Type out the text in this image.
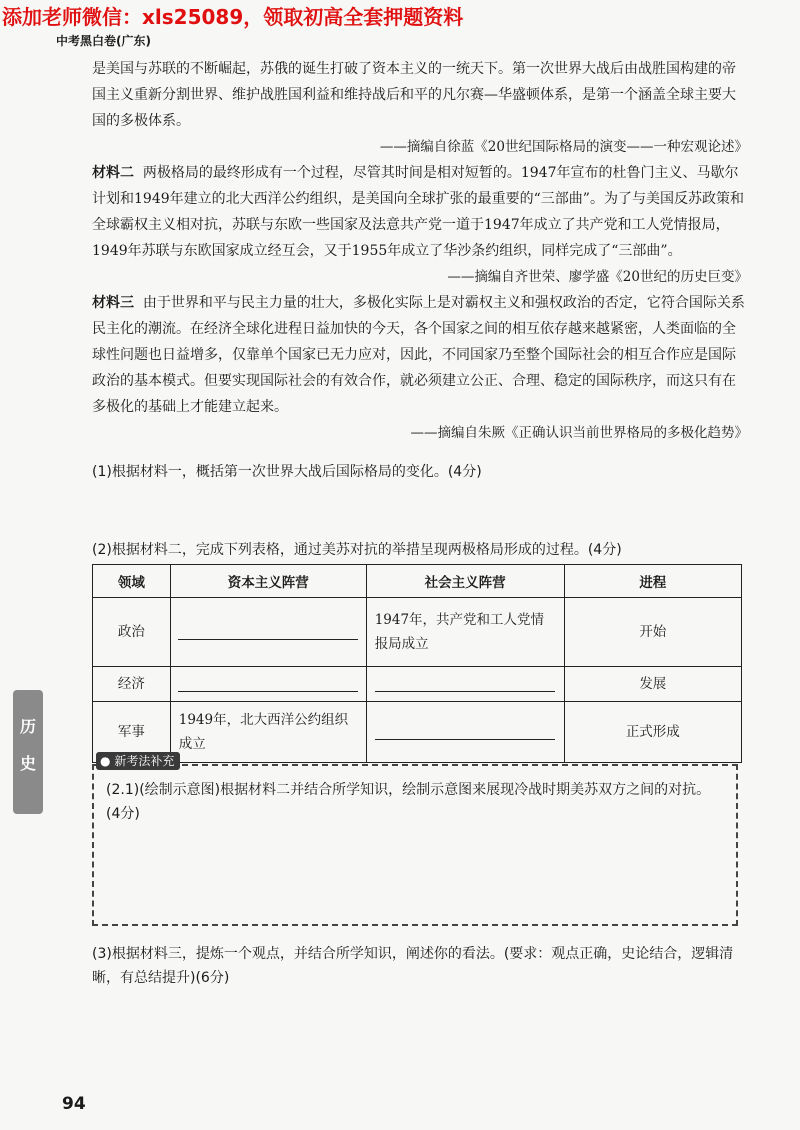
添加老师微信：xls25089，领取初高全套押题资料
中考黑白卷(广东)
是美国与苏联的不断崛起，苏俄的诞生打破了资本主义的一统天下。第一次世界大战后由战胜国构建的帝国主义重新分割世界、维护战胜国利益和维持战后和平的凡尔赛—华盛顿体系，是第一个涵盖全球主要大国的多极体系。
——摘编自徐蓝《20世纪国际格局的演变——一种宏观论述》
材料二 两极格局的最终形成有一个过程，尽管其时间是相对短暂的。1947年宣布的杜鲁门主义、马歇尔计划和1949年建立的北大西洋公约组织，是美国向全球扩张的最重要的“三部曲”。为了与美国反苏政策和全球霸权主义相对抗，苏联与东欧一些国家及法意共产党一道于1947年成立了共产党和工人党情报局，1949年苏联与东欧国家成立经互会，又于1955年成立了华沙条约组织，同样完成了“三部曲”。
——摘编自齐世荣、廖学盛《20世纪的历史巨变》
材料三 由于世界和平与民主力量的壮大，多极化实际上是对霸权主义和强权政治的否定，它符合国际关系民主化的潮流。在经济全球化进程日益加快的今天，各个国家之间的相互依存越来越紧密，人类面临的全球性问题也日益增多，仅靠单个国家已无力应对，因此，不同国家乃至整个国际社会的相互合作应是国际政治的基本模式。但要实现国际社会的有效合作，就必须建立公正、合理、稳定的国际秩序，而这只有在多极化的基础上才能建立起来。
——摘编自朱厥《正确认识当前世界格局的多极化趋势》
(1)根据材料一，概括第一次世界大战后国际格局的变化。(4分)
(2)根据材料二，完成下列表格，通过美苏对抗的举措呈现两极格局形成的过程。(4分)
领域	资本主义阵营	社会主义阵营	进程
政治		1947年，共产党和工人党情报局成立	开始
经济			发展
军事	1949年，北大西洋公约组织成立		正式形成
(2.1)(绘制示意图)根据材料二并结合所学知识，绘制示意图来展现冷战时期美苏双方之间的对抗。(4分)
● 新考法补充
(3)根据材料三，提炼一个观点，并结合所学知识，阐述你的看法。(要求：观点正确，史论结合，逻辑清晰，有总结提升)(6分)
历
史
94
